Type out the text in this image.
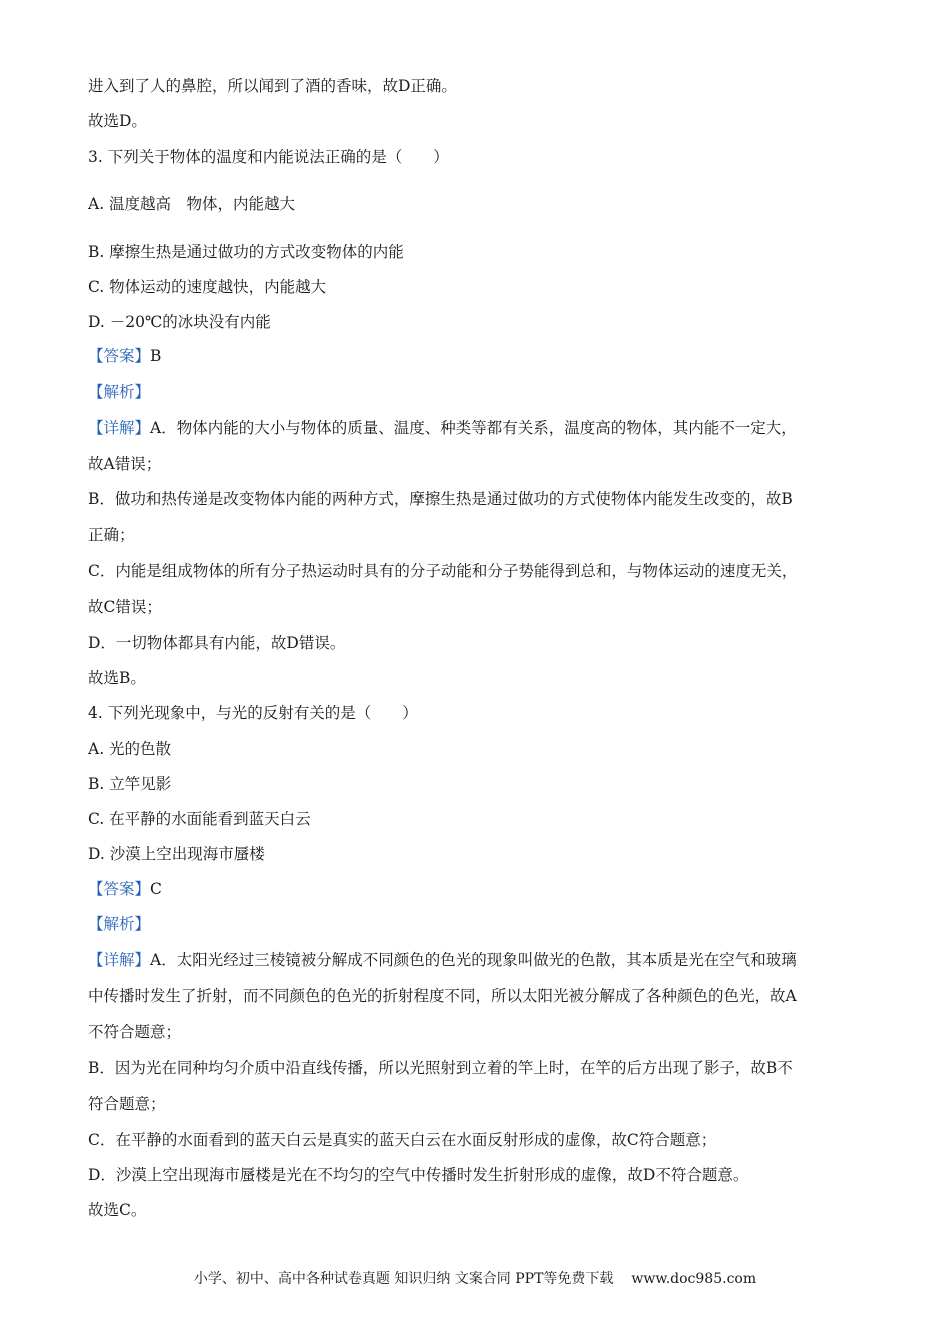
进入到了人的鼻腔，所以闻到了酒的香味，故D正确。
故选D。
3. 下列关于物体的温度和内能说法正确的是（　　）
A. 温度越高　物体，内能越大
B. 摩擦生热是通过做功的方式改变物体的内能
C. 物体运动的速度越快，内能越大
D. －20℃的冰块没有内能
【答案】B
【解析】
【详解】A．物体内能的大小与物体的质量、温度、种类等都有关系，温度高的物体，其内能不一定大，
故A错误；
B．做功和热传递是改变物体内能的两种方式，摩擦生热是通过做功的方式使物体内能发生改变的，故B
正确；
C．内能是组成物体的所有分子热运动时具有的分子动能和分子势能得到总和，与物体运动的速度无关，
故C错误；
D．一切物体都具有内能，故D错误。
故选B。
4. 下列光现象中，与光的反射有关的是（　　）
A. 光的色散
B. 立竿见影
C. 在平静的水面能看到蓝天白云
D. 沙漠上空出现海市蜃楼
【答案】C
【解析】
【详解】A．太阳光经过三棱镜被分解成不同颜色的色光的现象叫做光的色散，其本质是光在空气和玻璃
中传播时发生了折射，而不同颜色的色光的折射程度不同，所以太阳光被分解成了各种颜色的色光，故A
不符合题意；
B．因为光在同种均匀介质中沿直线传播，所以光照射到立着的竿上时，在竿的后方出现了影子，故B不
符合题意；
C．在平静的水面看到的蓝天白云是真实的蓝天白云在水面反射形成的虚像，故C符合题意；
D．沙漠上空出现海市蜃楼是光在不均匀的空气中传播时发生折射形成的虚像，故D不符合题意。
故选C。
小学、初中、高中各种试卷真题 知识归纳 文案合同 PPT等免费下载 www.doc985.com
